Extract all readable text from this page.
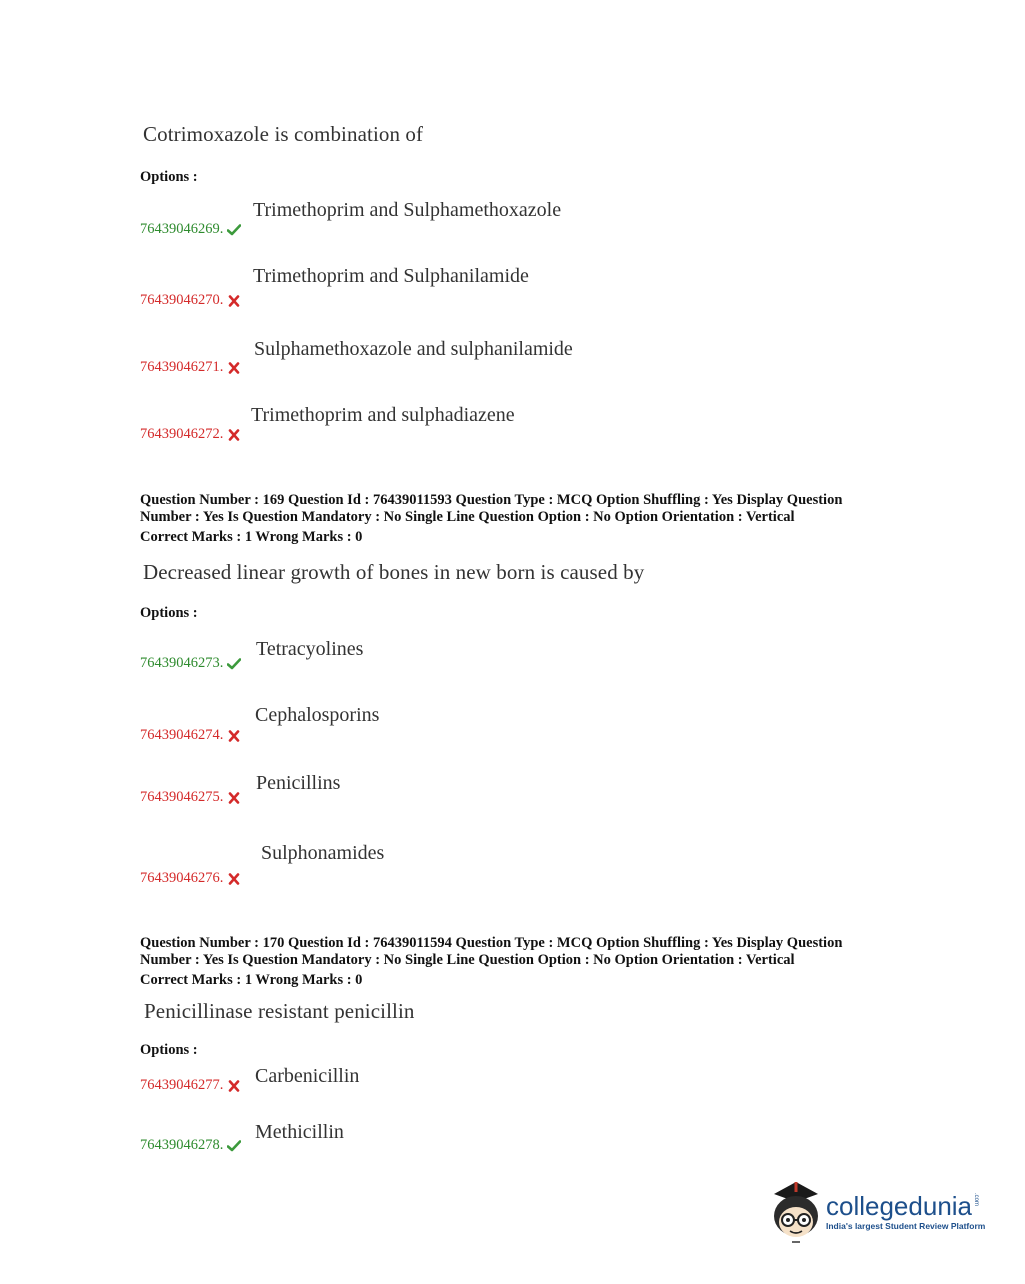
Cotrimoxazole is combination of
Options :
Trimethoprim and Sulphamethoxazole
76439046269.
Trimethoprim and Sulphanilamide
76439046270.
Sulphamethoxazole and sulphanilamide
76439046271.
Trimethoprim and sulphadiazene
76439046272.
Question Number : 169 Question Id : 76439011593 Question Type : MCQ Option Shuffling : Yes Display Question
Number : Yes Is Question Mandatory : No Single Line Question Option : No Option Orientation : Vertical
Correct Marks : 1 Wrong Marks : 0
Decreased linear growth of bones in new born is caused by
Options :
Tetracyolines
76439046273.
Cephalosporins
76439046274.
Penicillins
76439046275.
Sulphonamides
76439046276.
Question Number : 170 Question Id : 76439011594 Question Type : MCQ Option Shuffling : Yes Display Question
Number : Yes Is Question Mandatory : No Single Line Question Option : No Option Orientation : Vertical
Correct Marks : 1 Wrong Marks : 0
Penicillinase resistant penicillin
Options :
Carbenicillin
76439046277.
Methicillin
76439046278.
collegedunia .com
India's largest Student Review Platform
